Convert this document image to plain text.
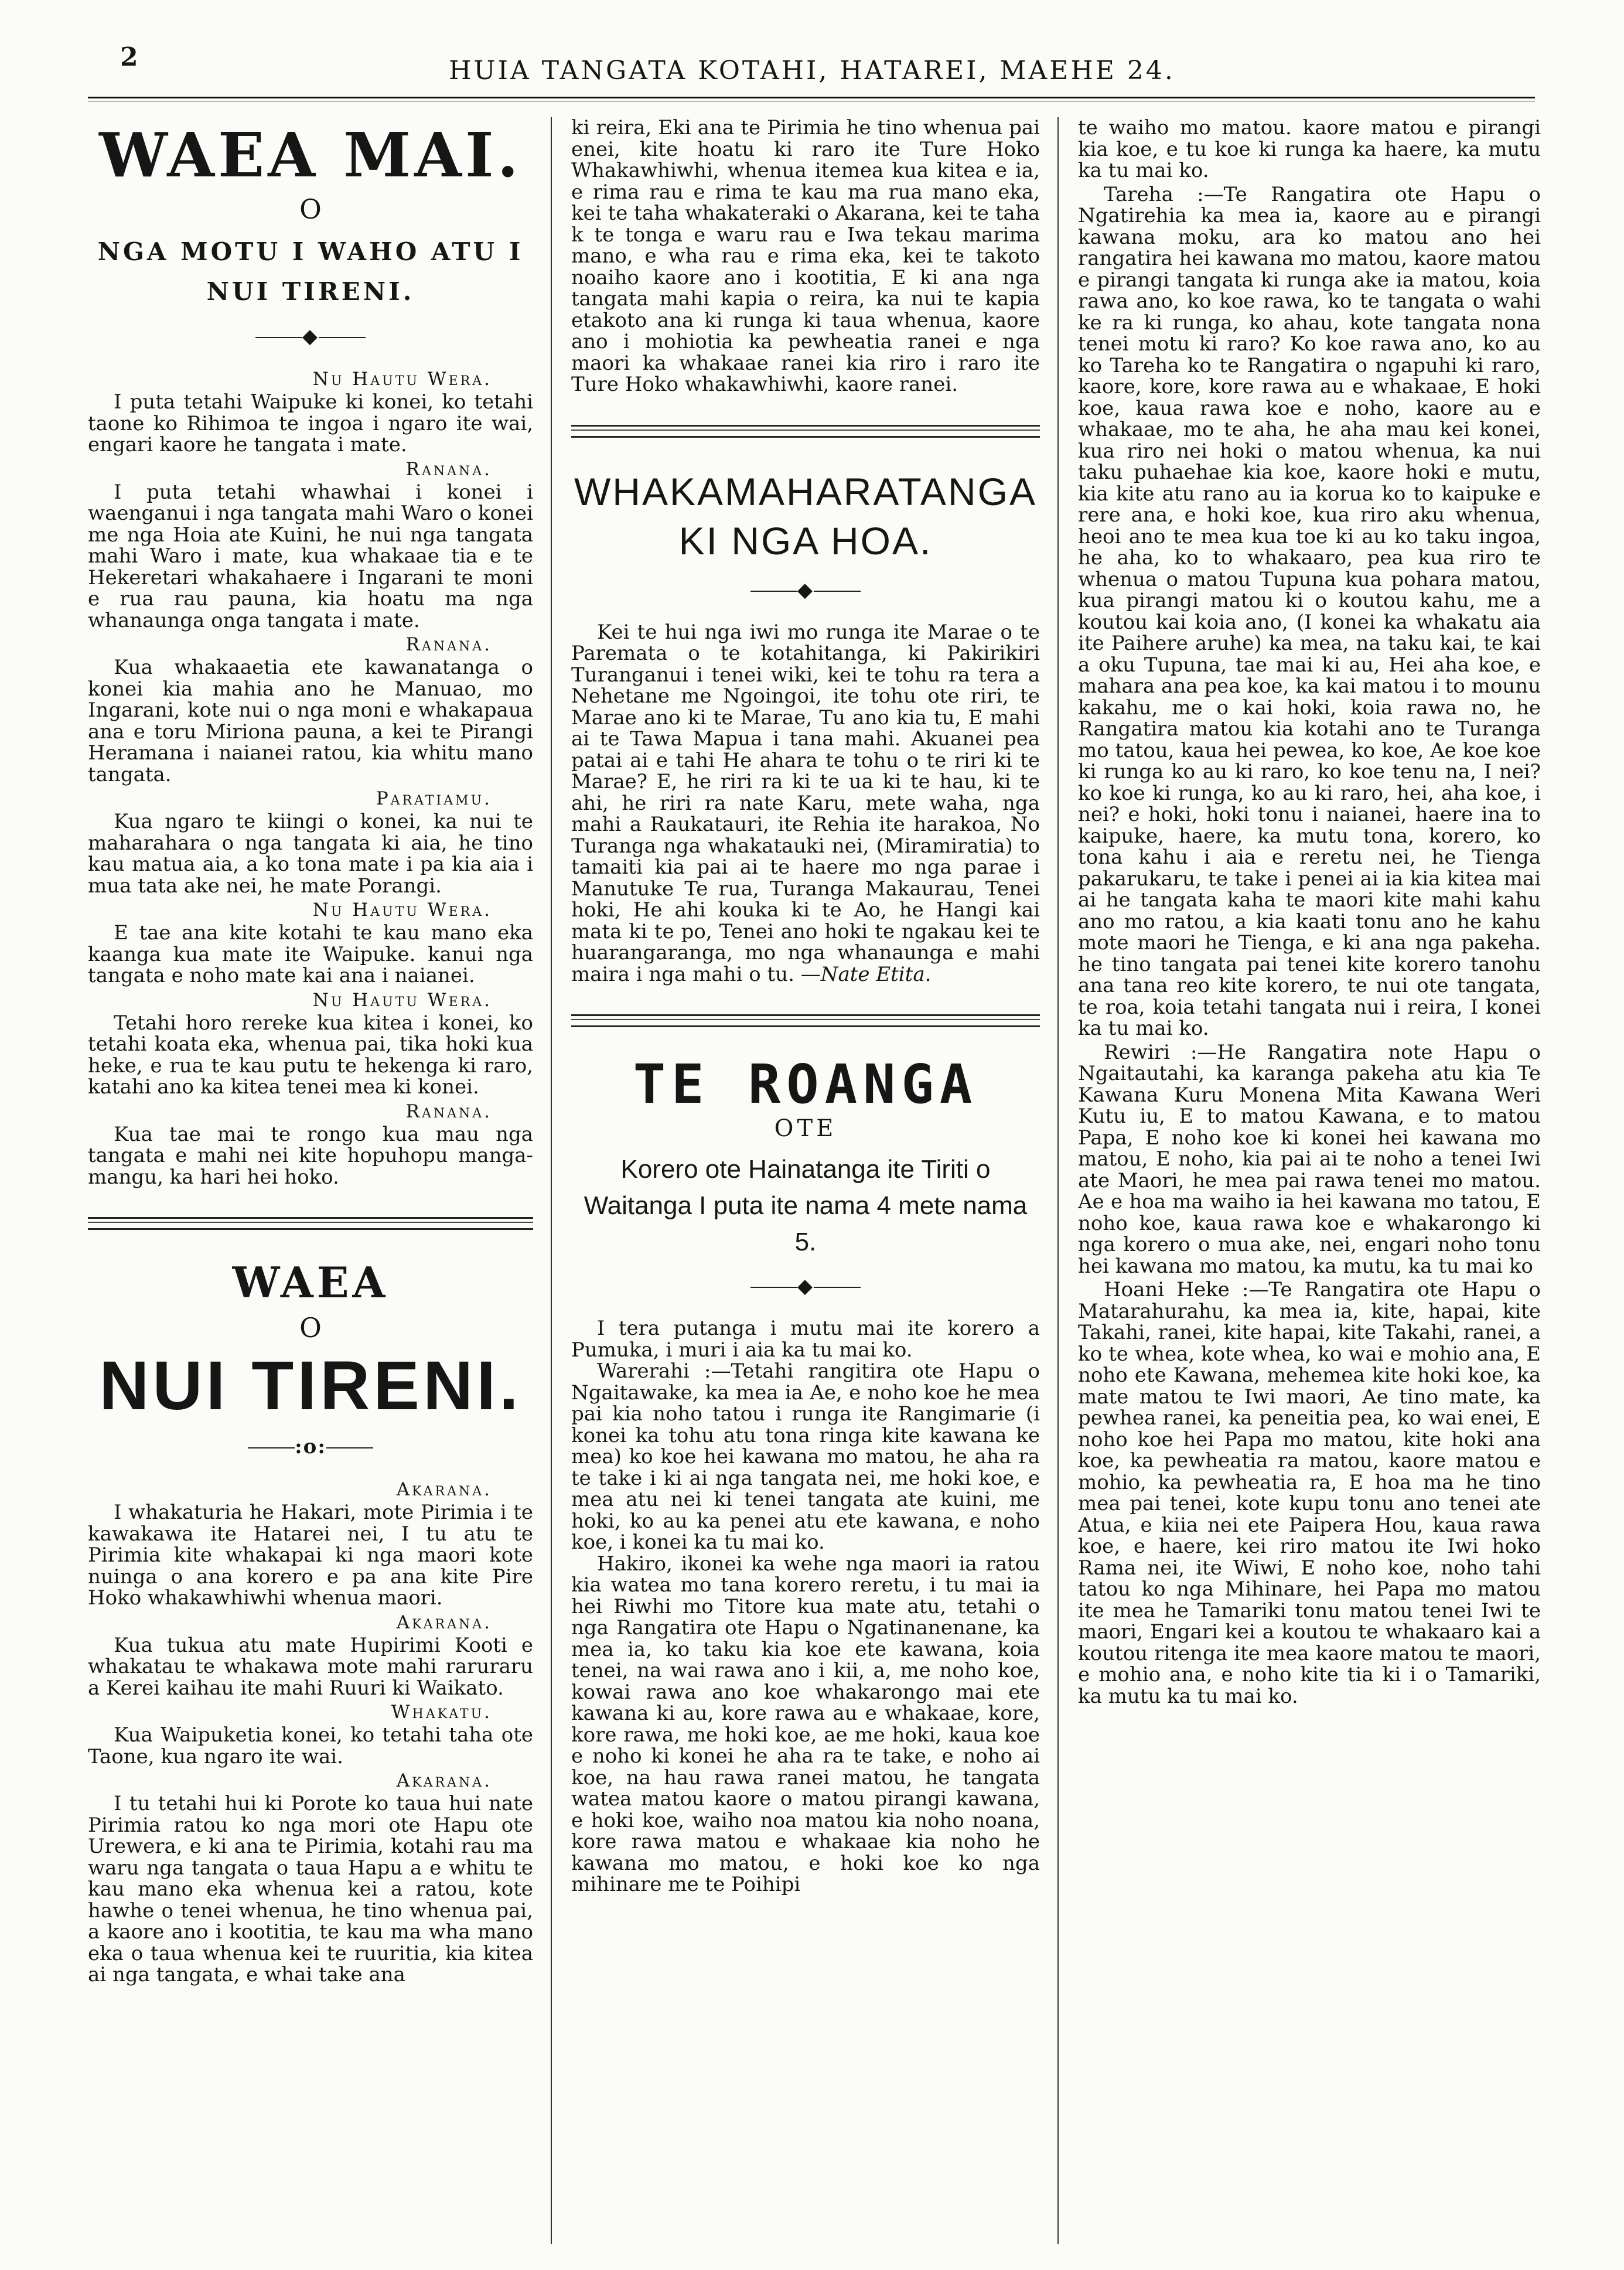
2	HUIA TANGATA KOTAHI, HATAREI, MAEHE 24.
WAEA MAI.
O
NGA MOTU I WAHO ATU I NUI TIRENI.
◆
Nu Hautu Wera.

I puta tetahi Waipuke ki konei, ko tetahi taone ko Rihimoa te ingoa i ngaro ite wai, engari kaore he tangata i mate.

Ranana.

I puta tetahi whawhai i konei i waenganui i nga tangata mahi Waro o konei me nga Hoia ate Kuini, he nui nga tangata mahi Waro i mate, kua whakaae tia e te Hekeretari whakahaere i Ingarani te moni e rua rau pauna, kia hoatu ma nga whanaunga onga tangata i mate.

Ranana.

Kua whakaaetia ete kawanatanga o konei kia mahia ano he Manuao, mo Ingarani, kote nui o nga moni e whakapaua ana e toru Miriona pauna, a kei te Pirangi Heramana i naianei ratou, kia whitu mano tangata.

Paratiamu.

Kua ngaro te kiingi o konei, ka nui te maharahara o nga tangata ki aia, he tino kau matua aia, a ko tona mate i pa kia aia i mua tata ake nei, he mate Porangi.

Nu Hautu Wera.

E tae ana kite kotahi te kau mano eka kaanga kua mate ite Waipuke. kanui nga tangata e noho mate kai ana i naianei.

Nu Hautu Wera.

Tetahi horo rereke kua kitea i konei, ko tetahi koata eka, whenua pai, tika hoki kua heke, e rua te kau putu te hekenga ki raro, katahi ano ka kitea tenei mea ki konei.

Ranana.

Kua tae mai te rongo kua mau nga tangata e mahi nei kite hopuhopu manga-mangu, ka hari hei hoko.

WAEA
O
NUI TIRENI.
:o:
Akarana.

I whakaturia he Hakari, mote Pirimia i te kawakawa ite Hatarei nei, I tu atu te Pirimia kite whakapai ki nga maori kote nuinga o ana korero e pa ana kite Pire Hoko whakawhiwhi whenua maori.

Akarana.

Kua tukua atu mate Hupirimi Kooti e whakatau te whakawa mote mahi raruraru a Kerei kaihau ite mahi Ruuri ki Waikato.

Whakatu.

Kua Waipuketia konei, ko tetahi taha ote Taone, kua ngaro ite wai.

Akarana.

I tu tetahi hui ki Porote ko taua hui nate Pirimia ratou ko nga mori ote Hapu ote Urewera, e ki ana te Pirimia, kotahi rau ma waru nga tangata o taua Hapu a e whitu te kau mano eka whenua kei a ratou, kote hawhe o tenei whenua, he tino whenua pai, a kaore ano i kootitia, te kau ma wha mano eka o taua whenua kei te ruuritia, kia kitea ai nga tangata, e whai take ana

ki reira, Eki ana te Pirimia he tino whenua pai enei, kite hoatu ki raro ite Ture Hoko Whakawhiwhi, whenua itemea kua kitea e ia, e rima rau e rima te kau ma rua mano eka, kei te taha whakateraki o Akarana, kei te taha k te tonga e waru rau e Iwa tekau marima mano, e wha rau e rima eka, kei te takoto noaiho kaore ano i kootitia, E ki ana nga tangata mahi kapia o reira, ka nui te kapia etakoto ana ki runga ki taua whenua, kaore ano i mohiotia ka pewheatia ranei e nga maori ka whakaae ranei kia riro i raro ite Ture Hoko whakawhiwhi, kaore ranei.

WHAKAMAHARATANGA KI NGA HOA.
◆

Kei te hui nga iwi mo runga ite Marae o te Paremata o te kotahitanga, ki Pakirikiri Turanganui i tenei wiki, kei te tohu ra tera a Nehetane me Ngoingoi, ite tohu ote riri, te Marae ano ki te Marae, Tu ano kia tu, E mahi ai te Tawa Mapua i tana mahi. Akuanei pea patai ai e tahi He ahara te tohu o te riri ki te Marae? E, he riri ra ki te ua ki te hau, ki te ahi, he riri ra nate Karu, mete waha, nga mahi a Raukatauri, ite Rehia ite harakoa, No Turanga nga whakatauki nei, (Miramiratia) to tamaiti kia pai ai te haere mo nga parae i Manutuke Te rua, Turanga Makaurau, Tenei hoki, He ahi kouka ki te Ao, he Hangi kai mata ki te po, Tenei ano hoki te ngakau kei te huarangaranga, mo nga whanaunga e mahi maira i nga mahi o tu. —Nate Etita.

TE ROANGA
OTE
Korero ote Hainatanga ite Tiriti o Waitanga I puta ite nama 4 mete nama 5.
◆

I tera putanga i mutu mai ite korero a Pumuka, i muri i aia ka tu mai ko.

Warerahi :—Tetahi rangitira ote Hapu o Ngaitawake, ka mea ia Ae, e noho koe he mea pai kia noho tatou i runga ite Rangimarie (i konei ka tohu atu tona ringa kite kawana ke mea) ko koe hei kawana mo matou, he aha ra te take i ki ai nga tangata nei, me hoki koe, e mea atu nei ki tenei tangata ate kuini, me hoki, ko au ka penei atu ete kawana, e noho koe, i konei ka tu mai ko.

Hakiro, ikonei ka wehe nga maori ia ratou kia watea mo tana korero reretu, i tu mai ia hei Riwhi mo Titore kua mate atu, tetahi o nga Rangatira ote Hapu o Ngatinanenane, ka mea ia, ko taku kia koe ete kawana, koia tenei, na wai rawa ano i kii, a, me noho koe, kowai rawa ano koe whakarongo mai ete kawana ki au, kore rawa au e whakaae, kore, kore rawa, me hoki koe, ae me hoki, kaua koe e noho ki konei he aha ra te take, e noho ai koe, na hau rawa ranei matou, he tangata watea matou kaore o matou pirangi kawana, e hoki koe, waiho noa matou kia noho noana, kore rawa matou e whakaae kia noho he kawana mo matou, e hoki koe ko nga mihinare me te Poihipi

te waiho mo matou. kaore matou e pirangi kia koe, e tu koe ki runga ka haere, ka mutu ka tu mai ko.

Tareha :—Te Rangatira ote Hapu o Ngatirehia ka mea ia, kaore au e pirangi kawana moku, ara ko matou ano hei rangatira hei kawana mo matou, kaore matou e pirangi tangata ki runga ake ia matou, koia rawa ano, ko koe rawa, ko te tangata o wahi ke ra ki runga, ko ahau, kote tangata nona tenei motu ki raro? Ko koe rawa ano, ko au ko Tareha ko te Rangatira o ngapuhi ki raro, kaore, kore, kore rawa au e whakaae, E hoki koe, kaua rawa koe e noho, kaore au e whakaae, mo te aha, he aha mau kei konei, kua riro nei hoki o matou whenua, ka nui taku puhaehae kia koe, kaore hoki e mutu, kia kite atu rano au ia korua ko to kaipuke e rere ana, e hoki koe, kua riro aku whenua, heoi ano te mea kua toe ki au ko taku ingoa, he aha, ko to whakaaro, pea kua riro te whenua o matou Tupuna kua pohara matou, kua pirangi matou ki o koutou kahu, me a koutou kai koia ano, (I konei ka whakatu aia ite Paihere aruhe) ka mea, na taku kai, te kai a oku Tupuna, tae mai ki au, Hei aha koe, e mahara ana pea koe, ka kai matou i to mounu kakahu, me o kai hoki, koia rawa no, he Rangatira matou kia kotahi ano te Turanga mo tatou, kaua hei pewea, ko koe, Ae koe koe ki runga ko au ki raro, ko koe tenu na, I nei? ko koe ki runga, ko au ki raro, hei, aha koe, i nei? e hoki, hoki tonu i naianei, haere ina to kaipuke, haere, ka mutu tona, korero, ko tona kahu i aia e reretu nei, he Tienga pakarukaru, te take i penei ai ia kia kitea mai ai he tangata kaha te maori kite mahi kahu ano mo ratou, a kia kaati tonu ano he kahu mote maori he Tienga, e ki ana nga pakeha. he tino tangata pai tenei kite korero tanohu ana tana reo kite korero, te nui ote tangata, te roa, koia tetahi tangata nui i reira, I konei ka tu mai ko.

Rewiri :—He Rangatira note Hapu o Ngaitautahi, ka karanga pakeha atu kia Te Kawana Kuru Monena Mita Kawana Weri Kutu iu, E to matou Kawana, e to matou Papa, E noho koe ki konei hei kawana mo matou, E noho, kia pai ai te noho a tenei Iwi ate Maori, he mea pai rawa tenei mo matou. Ae e hoa ma waiho ia hei kawana mo tatou, E noho koe, kaua rawa koe e whakarongo ki nga korero o mua ake, nei, engari noho tonu hei kawana mo matou, ka mutu, ka tu mai ko

Hoani Heke :—Te Rangatira ote Hapu o Matarahurahu, ka mea ia, kite, hapai, kite Takahi, ranei, kite hapai, kite Takahi, ranei, a ko te whea, kote whea, ko wai e mohio ana, E noho ete Kawana, mehemea kite hoki koe, ka mate matou te Iwi maori, Ae tino mate, ka pewhea ranei, ka peneitia pea, ko wai enei, E noho koe hei Papa mo matou, kite hoki ana koe, ka pewheatia ra matou, kaore matou e mohio, ka pewheatia ra, E hoa ma he tino mea pai tenei, kote kupu tonu ano tenei ate Atua, e kiia nei ete Paipera Hou, kaua rawa koe, e haere, kei riro matou ite Iwi hoko Rama nei, ite Wiwi, E noho koe, noho tahi tatou ko nga Mihinare, hei Papa mo matou ite mea he Tamariki tonu matou tenei Iwi te maori, Engari kei a koutou te whakaaro kai a koutou ritenga ite mea kaore matou te maori, e mohio ana, e noho kite tia ki i o Tamariki, ka mutu ka tu mai ko.
